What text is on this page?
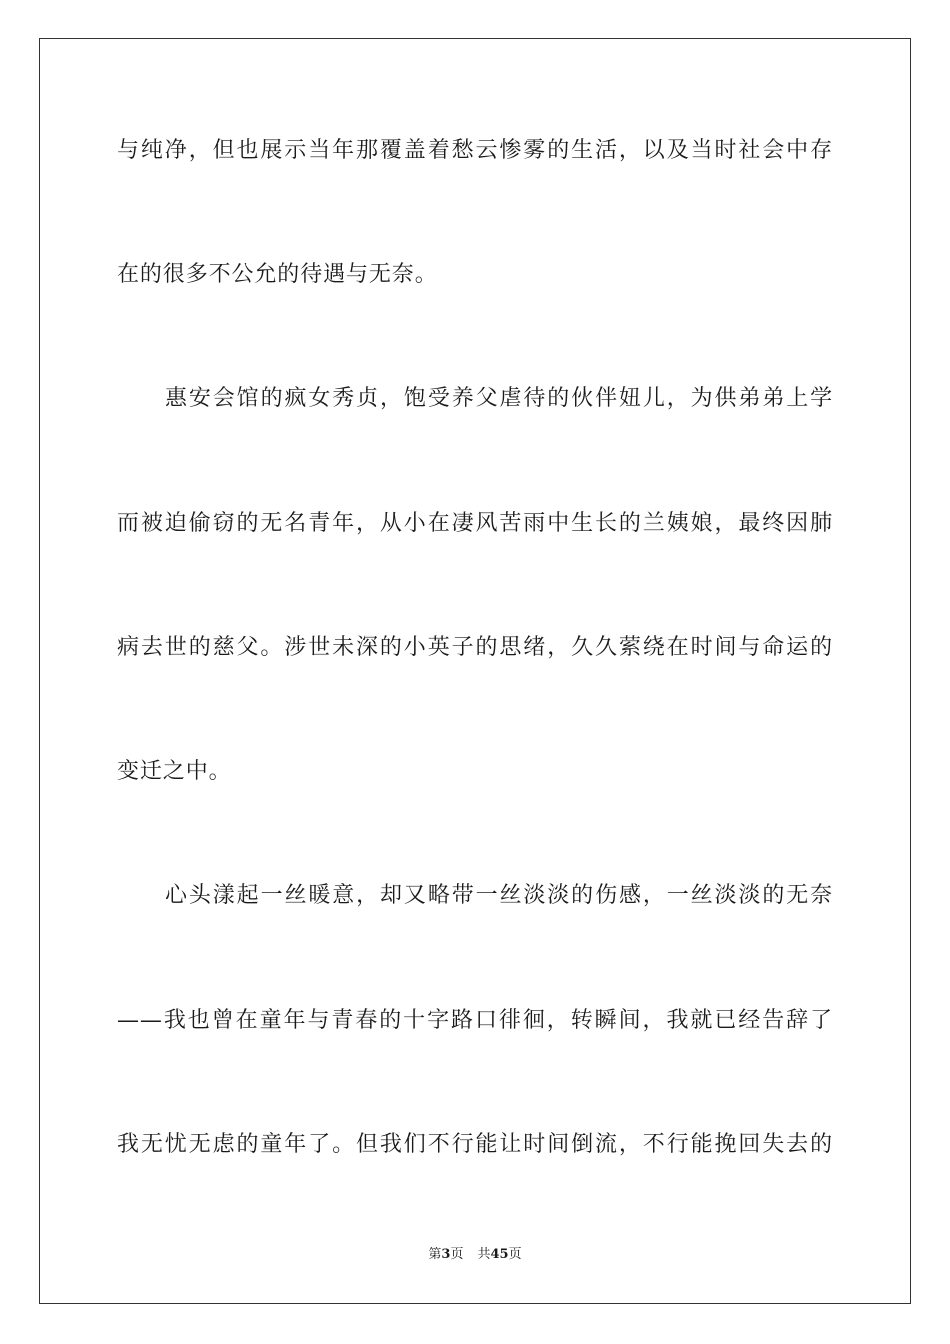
与纯净，但也展示当年那覆盖着愁云惨雾的生活，以及当时社会中存
在的很多不公允的待遇与无奈。
惠安会馆的疯女秀贞，饱受养父虐待的伙伴妞儿，为供弟弟上学
而被迫偷窃的无名青年，从小在凄风苦雨中生长的兰姨娘，最终因肺
病去世的慈父。涉世未深的小英子的思绪，久久萦绕在时间与命运的
变迁之中。
心头漾起一丝暖意，却又略带一丝淡淡的伤感，一丝淡淡的无奈
——我也曾在童年与青春的十字路口徘徊，转瞬间，我就已经告辞了
我无忧无虑的童年了。但我们不行能让时间倒流，不行能挽回失去的
第3页 共45页
